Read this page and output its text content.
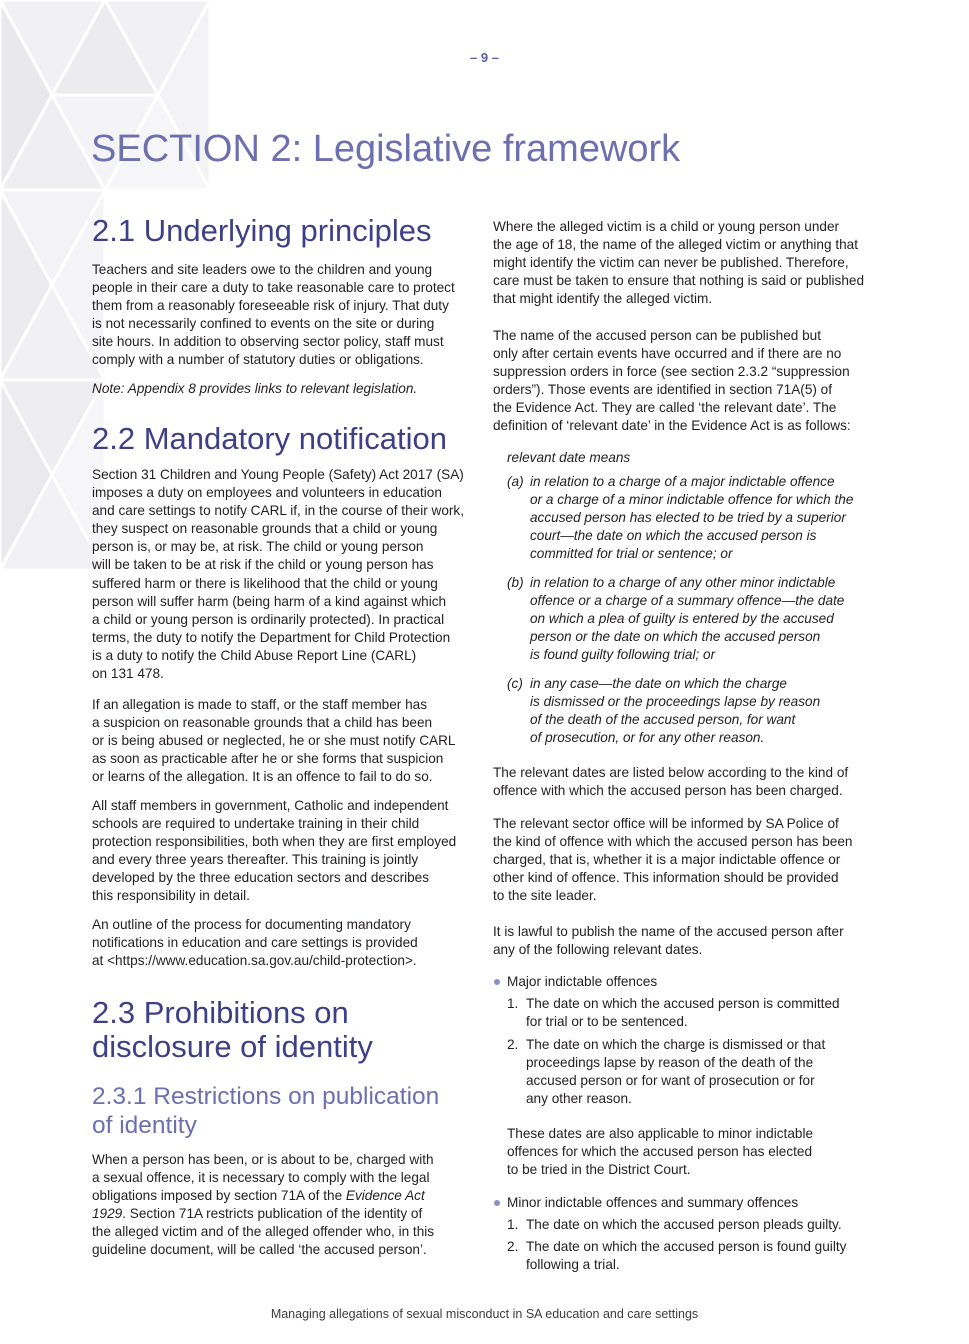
– 9 –
SECTION 2: Legislative framework
2.1 Underlying principles
Teachers and site leaders owe to the children and young
people in their care a duty to take reasonable care to protect
them from a reasonably foreseeable risk of injury. That duty
is not necessarily confined to events on the site or during
site hours. In addition to observing sector policy, staff must
comply with a number of statutory duties or obligations.
Note: Appendix 8 provides links to relevant legislation.
2.2 Mandatory notification
Section 31 Children and Young People (Safety) Act 2017 (SA)
imposes a duty on employees and volunteers in education
and care settings to notify CARL if, in the course of their work,
they suspect on reasonable grounds that a child or young
person is, or may be, at risk. The child or young person
will be taken to be at risk if the child or young person has
suffered harm or there is likelihood that the child or young
person will suffer harm (being harm of a kind against which
a child or young person is ordinarily protected). In practical
terms, the duty to notify the Department for Child Protection
is a duty to notify the Child Abuse Report Line (CARL)
on 131 478.
If an allegation is made to staff, or the staff member has
a suspicion on reasonable grounds that a child has been
or is being abused or neglected, he or she must notify CARL
as soon as practicable after he or she forms that suspicion
or learns of the allegation. It is an offence to fail to do so.
All staff members in government, Catholic and independent
schools are required to undertake training in their child
protection responsibilities, both when they are first employed
and every three years thereafter. This training is jointly
developed by the three education sectors and describes
this responsibility in detail.
An outline of the process for documenting mandatory
notifications in education and care settings is provided
at <https://www.education.sa.gov.au/child-protection>.
2.3 Prohibitions on
disclosure of identity
2.3.1 Restrictions on publication
of identity
When a person has been, or is about to be, charged with
a sexual offence, it is necessary to comply with the legal
obligations imposed by section 71A of the Evidence Act
1929. Section 71A restricts publication of the identity of
the alleged victim and of the alleged offender who, in this
guideline document, will be called ‘the accused person’.
Where the alleged victim is a child or young person under
the age of 18, the name of the alleged victim or anything that
might identify the victim can never be published. Therefore,
care must be taken to ensure that nothing is said or published
that might identify the alleged victim.
The name of the accused person can be published but
only after certain events have occurred and if there are no
suppression orders in force (see section 2.3.2 “suppression
orders”). Those events are identified in section 71A(5) of
the Evidence Act. They are called ‘the relevant date’. The
definition of ‘relevant date’ in the Evidence Act is as follows:
relevant date means
(a) in relation to a charge of a major indictable offence
or a charge of a minor indictable offence for which the
accused person has elected to be tried by a superior
court—the date on which the accused person is
committed for trial or sentence; or
(b) in relation to a charge of any other minor indictable
offence or a charge of a summary offence—the date
on which a plea of guilty is entered by the accused
person or the date on which the accused person
is found guilty following trial; or
(c) in any case—the date on which the charge
is dismissed or the proceedings lapse by reason
of the death of the accused person, for want
of prosecution, or for any other reason.
The relevant dates are listed below according to the kind of
offence with which the accused person has been charged.
The relevant sector office will be informed by SA Police of
the kind of offence with which the accused person has been
charged, that is, whether it is a major indictable offence or
other kind of offence. This information should be provided
to the site leader.
It is lawful to publish the name of the accused person after
any of the following relevant dates.
Major indictable offences
1. The date on which the accused person is committed
for trial or to be sentenced.
2. The date on which the charge is dismissed or that
proceedings lapse by reason of the death of the
accused person or for want of prosecution or for
any other reason.
These dates are also applicable to minor indictable
offences for which the accused person has elected
to be tried in the District Court.
Minor indictable offences and summary offences
1. The date on which the accused person pleads guilty.
2. The date on which the accused person is found guilty
following a trial.
Managing allegations of sexual misconduct in SA education and care settings
